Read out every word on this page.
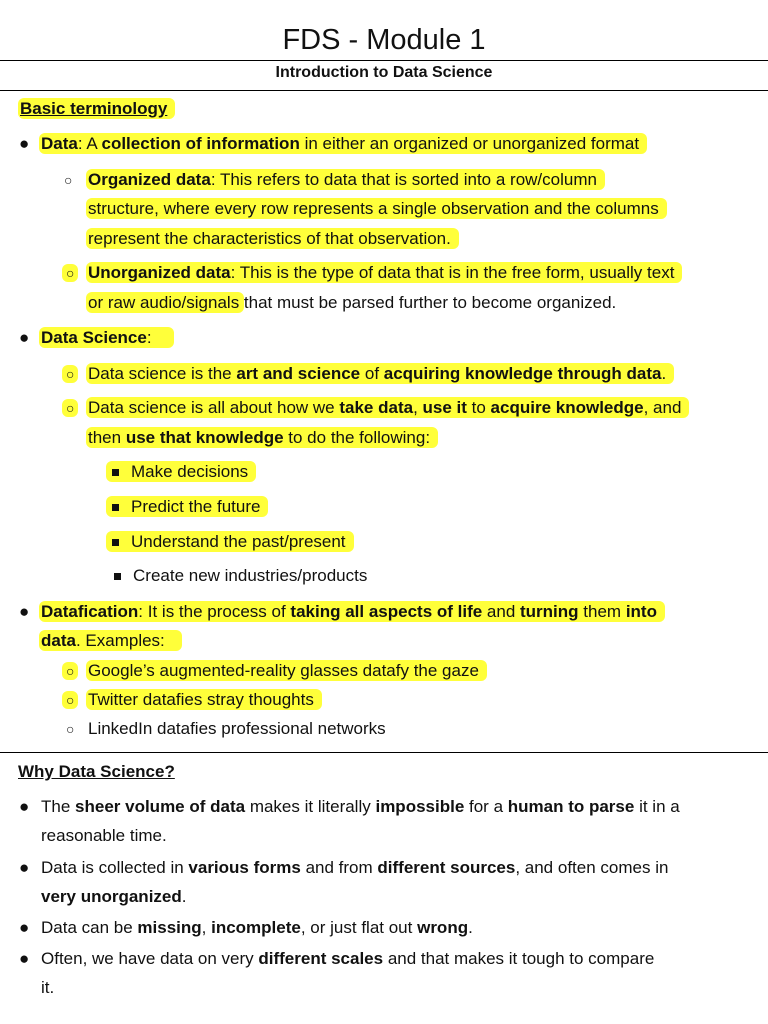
FDS - Module 1
Introduction to Data Science
Basic terminology
● Data: A collection of information in either an organized or unorganized format
○ Organized data: This refers to data that is sorted into a row/column
structure, where every row represents a single observation and the columns
represent the characteristics of that observation.
○ Unorganized data: This is the type of data that is in the free form, usually text
or raw audio/signals that must be parsed further to become organized.
● Data Science:
○ Data science is the art and science of acquiring knowledge through data.
○ Data science is all about how we take data, use it to acquire knowledge, and
then use that knowledge to do the following:
Make decisions
Predict the future
Understand the past/present
Create new industries/products
● Datafication: It is the process of taking all aspects of life and turning them into
data. Examples:
○ Google’s augmented-reality glasses datafy the gaze
○ Twitter datafies stray thoughts
○ LinkedIn datafies professional networks
Why Data Science?
● The sheer volume of data makes it literally impossible for a human to parse it in a
reasonable time.
● Data is collected in various forms and from different sources, and often comes in
very unorganized.
● Data can be missing, incomplete, or just flat out wrong.
● Often, we have data on very different scales and that makes it tough to compare
it.
